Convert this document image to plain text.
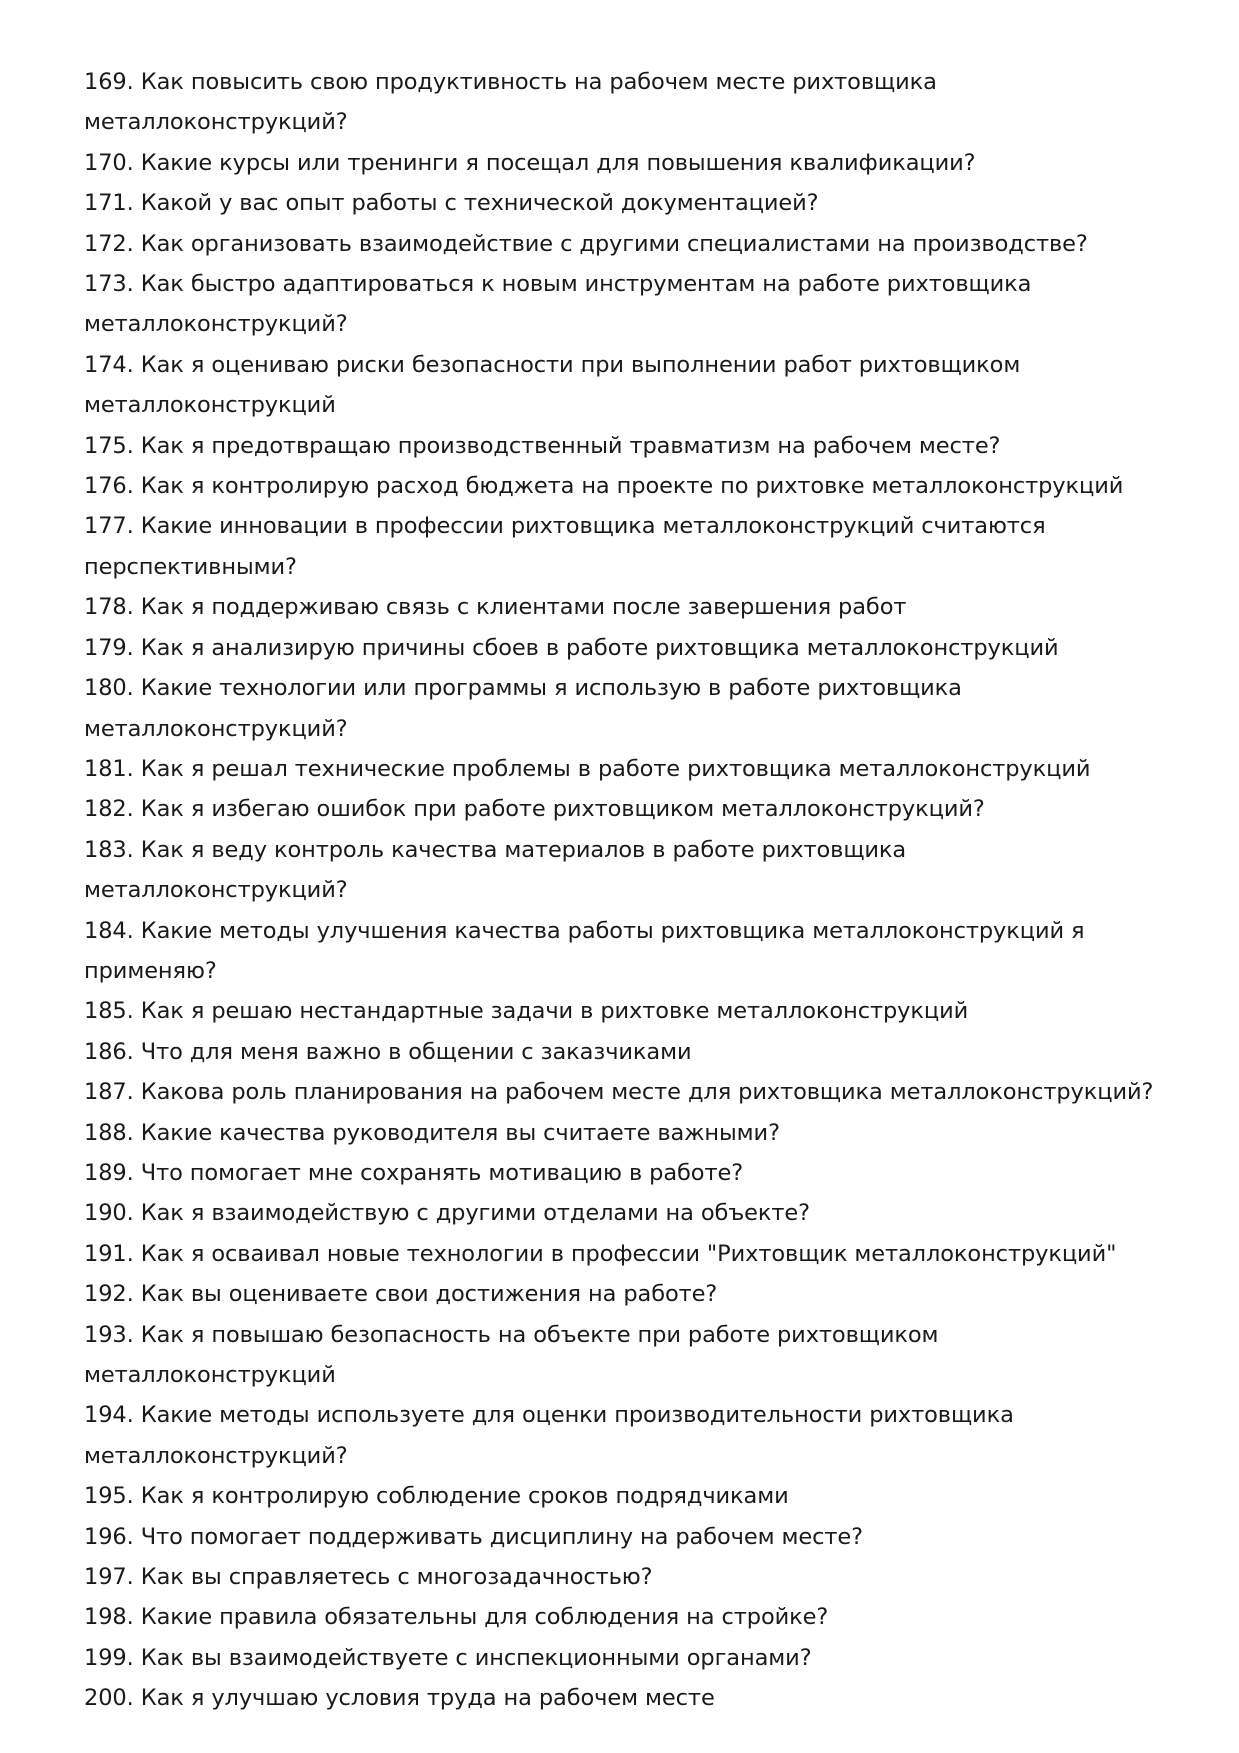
169. Как повысить свою продуктивность на рабочем месте рихтовщика металлоконструкций?
170. Какие курсы или тренинги я посещал для повышения квалификации?
171. Какой у вас опыт работы с технической документацией?
172. Как организовать взаимодействие с другими специалистами на производстве?
173. Как быстро адаптироваться к новым инструментам на работе рихтовщика металлоконструкций?
174. Как я оцениваю риски безопасности при выполнении работ рихтовщиком металлоконструкций
175. Как я предотвращаю производственный травматизм на рабочем месте?
176. Как я контролирую расход бюджета на проекте по рихтовке металлоконструкций
177. Какие инновации в профессии рихтовщика металлоконструкций считаются перспективными?
178. Как я поддерживаю связь с клиентами после завершения работ
179. Как я анализирую причины сбоев в работе рихтовщика металлоконструкций
180. Какие технологии или программы я использую в работе рихтовщика металлоконструкций?
181. Как я решал технические проблемы в работе рихтовщика металлоконструкций
182. Как я избегаю ошибок при работе рихтовщиком металлоконструкций?
183. Как я веду контроль качества материалов в работе рихтовщика металлоконструкций?
184. Какие методы улучшения качества работы рихтовщика металлоконструкций я применяю?
185. Как я решаю нестандартные задачи в рихтовке металлоконструкций
186. Что для меня важно в общении с заказчиками
187. Какова роль планирования на рабочем месте для рихтовщика металлоконструкций?
188. Какие качества руководителя вы считаете важными?
189. Что помогает мне сохранять мотивацию в работе?
190. Как я взаимодействую с другими отделами на объекте?
191. Как я осваивал новые технологии в профессии "Рихтовщик металлоконструкций"
192. Как вы оцениваете свои достижения на работе?
193. Как я повышаю безопасность на объекте при работе рихтовщиком металлоконструкций
194. Какие методы используете для оценки производительности рихтовщика металлоконструкций?
195. Как я контролирую соблюдение сроков подрядчиками
196. Что помогает поддерживать дисциплину на рабочем месте?
197. Как вы справляетесь с многозадачностью?
198. Какие правила обязательны для соблюдения на стройке?
199. Как вы взаимодействуете с инспекционными органами?
200. Как я улучшаю условия труда на рабочем месте
